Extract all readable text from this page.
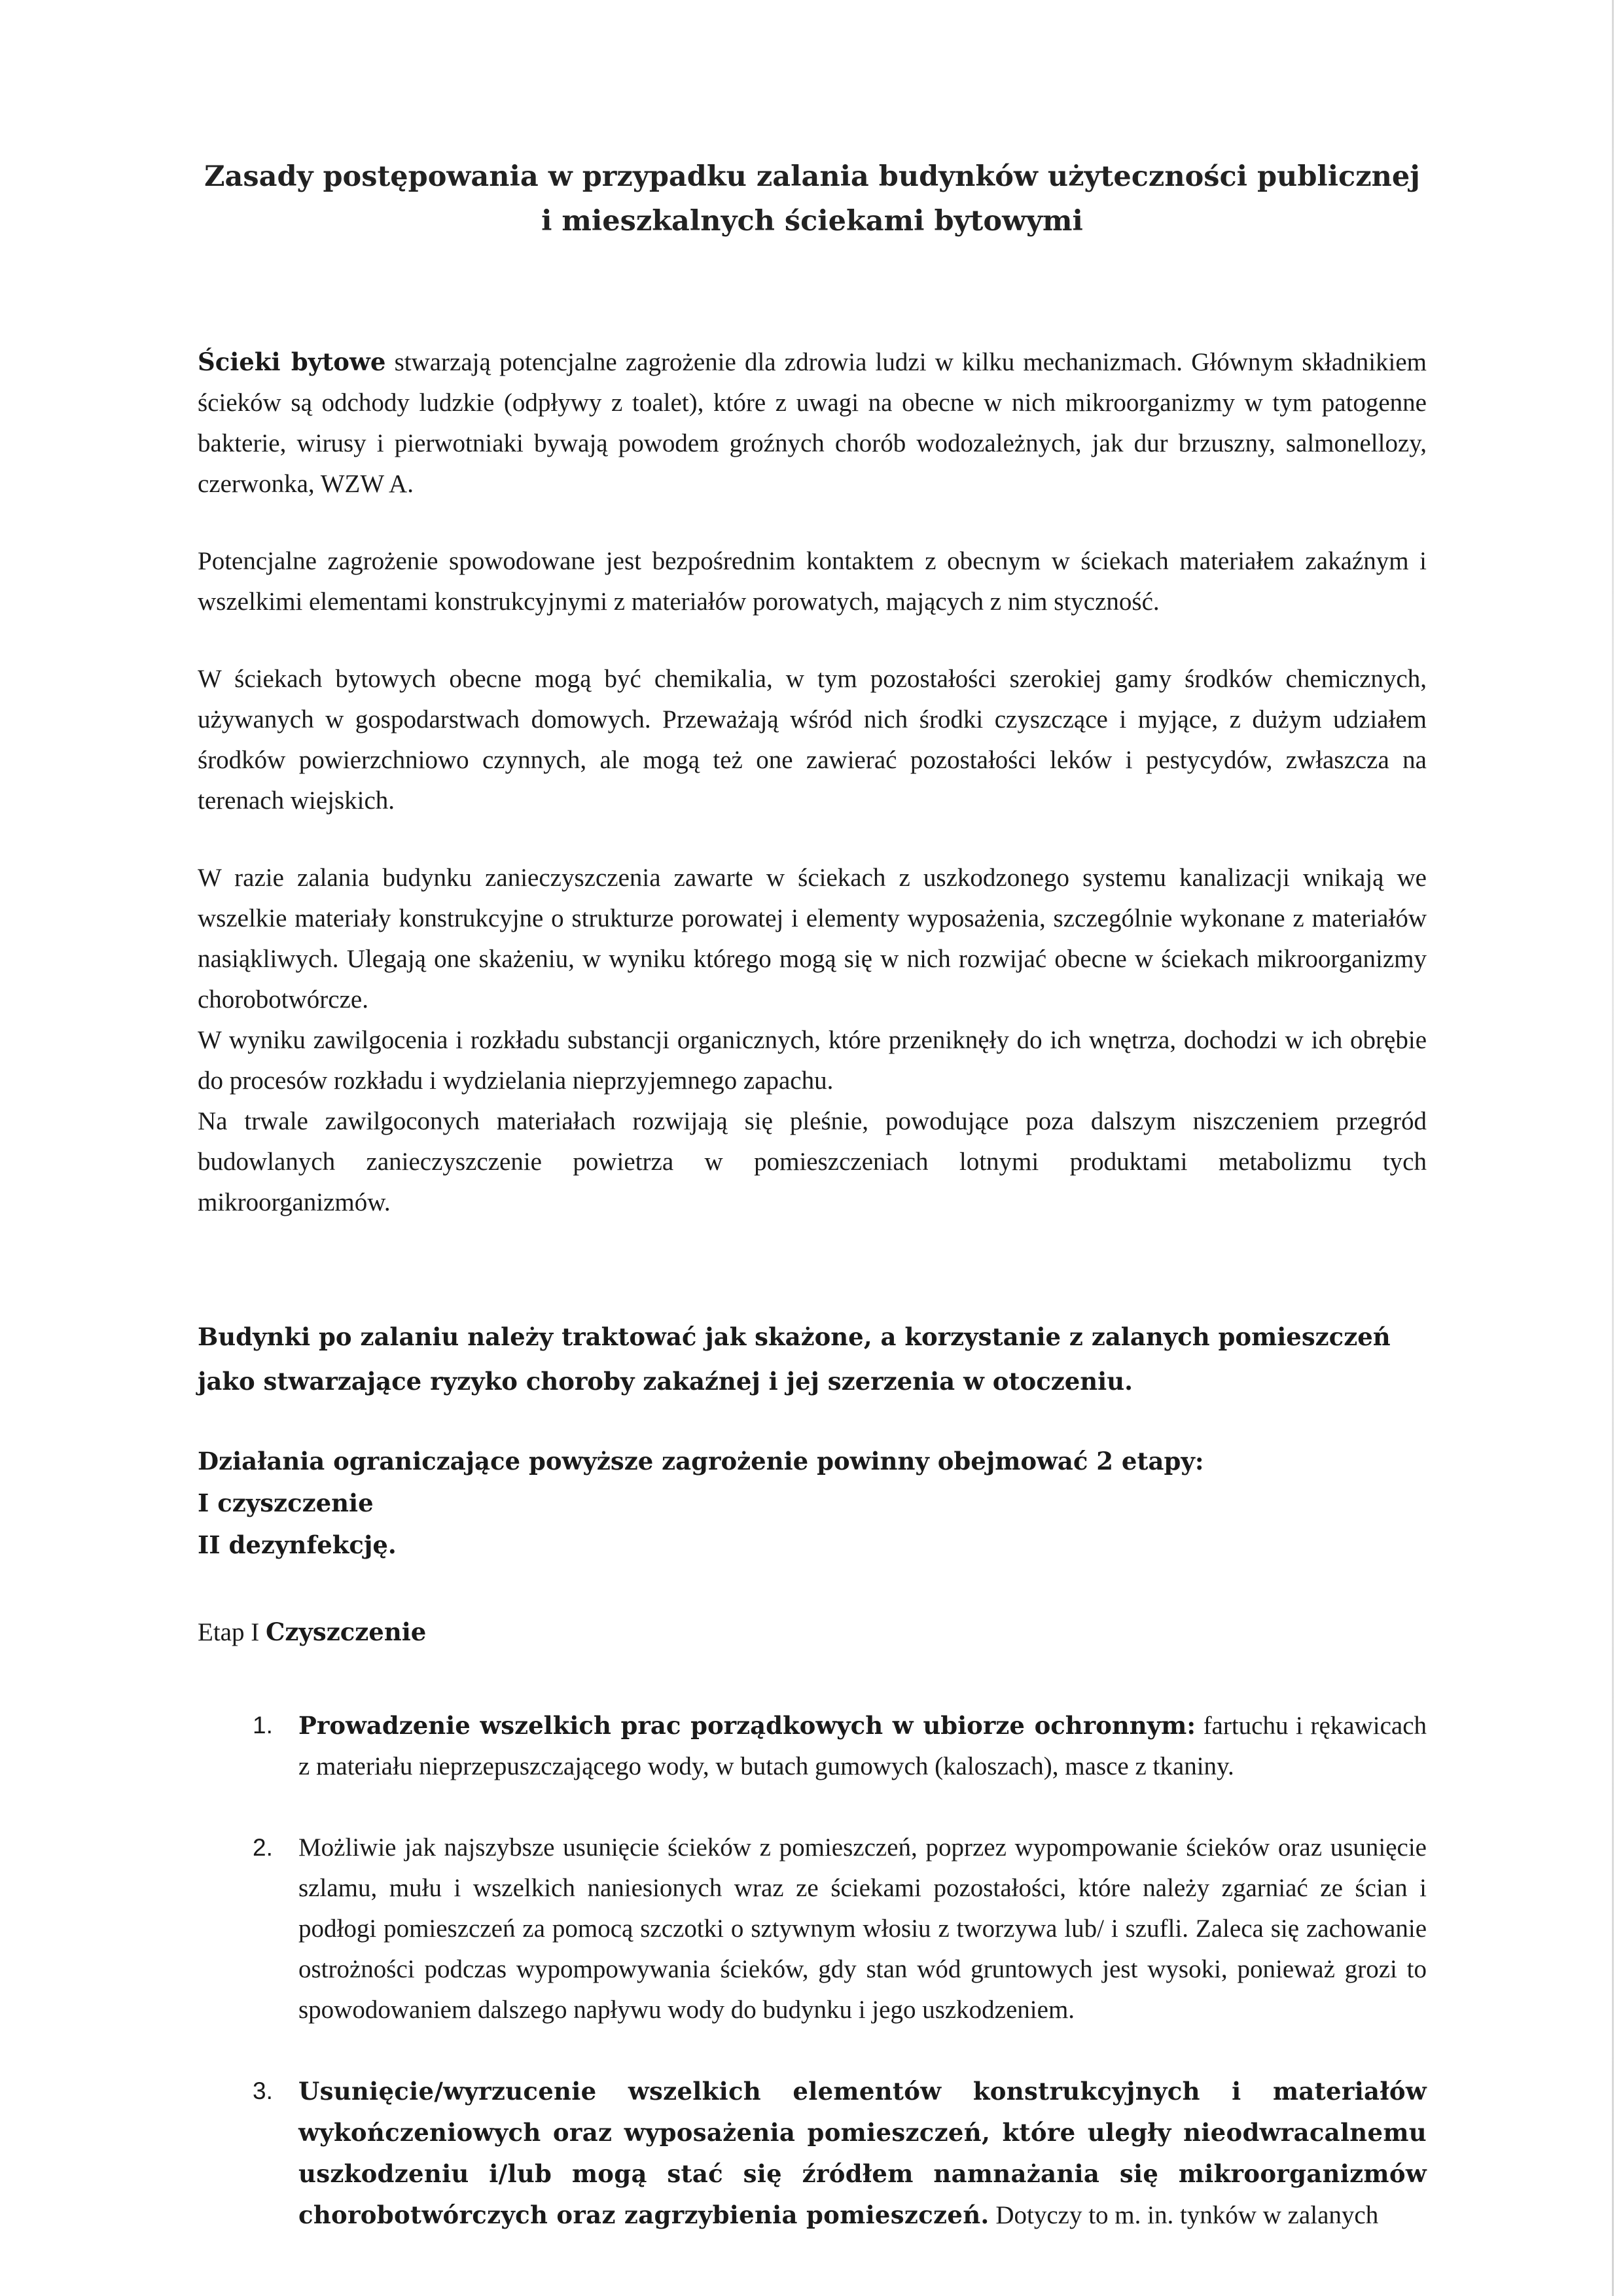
Zasady postępowania w przypadku zalania budynków użyteczności publicznej
i mieszkalnych ściekami bytowymi

Ścieki bytowe stwarzają potencjalne zagrożenie dla zdrowia ludzi w kilku mechanizmach. Głównym składnikiem ścieków są odchody ludzkie (odpływy z toalet), które z uwagi na obecne w nich mikroorganizmy w tym patogenne bakterie, wirusy i pierwotniaki bywają powodem groźnych chorób wodozależnych, jak dur brzuszny, salmonellozy, czerwonka, WZW A.

Potencjalne zagrożenie spowodowane jest bezpośrednim kontaktem z obecnym w ściekach materiałem zakaźnym i wszelkimi elementami konstrukcyjnymi z materiałów porowatych, mających z nim styczność.

W ściekach bytowych obecne mogą być chemikalia, w tym pozostałości szerokiej gamy środków chemicznych, używanych w gospodarstwach domowych. Przeważają wśród nich środki czyszczące i myjące, z dużym udziałem środków powierzchniowo czynnych, ale mogą też one zawierać pozostałości leków i pestycydów, zwłaszcza na terenach wiejskich.

W razie zalania budynku zanieczyszczenia zawarte w ściekach z uszkodzonego systemu kanalizacji wnikają we wszelkie materiały konstrukcyjne o strukturze porowatej i elementy wyposażenia, szczególnie wykonane z materiałów nasiąkliwych. Ulegają one skażeniu, w wyniku którego mogą się w nich rozwijać obecne w ściekach mikroorganizmy chorobotwórcze.

W wyniku zawilgocenia i rozkładu substancji organicznych, które przeniknęły do ich wnętrza, dochodzi w ich obrębie do procesów rozkładu i wydzielania nieprzyjemnego zapachu.

Na trwale zawilgoconych materiałach rozwijają się pleśnie, powodujące poza dalszym niszczeniem przegród budowlanych zanieczyszczenie powietrza w pomieszczeniach lotnymi produktami metabolizmu tych mikroorganizmów.

Budynki po zalaniu należy traktować jak skażone, a korzystanie z zalanych pomieszczeń jako stwarzające ryzyko choroby zakaźnej i jej szerzenia w otoczeniu.

Działania ograniczające powyższe zagrożenie powinny obejmować 2 etapy:

I czyszczenie

II dezynfekcję.

Etap I Czyszczenie

1. Prowadzenie wszelkich prac porządkowych w ubiorze ochronnym: fartuchu i rękawicach z materiału nieprzepuszczającego wody, w butach gumowych (kaloszach), masce z tkaniny.
2. Możliwie jak najszybsze usunięcie ścieków z pomieszczeń, poprzez wypompowanie ścieków oraz usunięcie szlamu, mułu i wszelkich naniesionych wraz ze ściekami pozostałości, które należy zgarniać ze ścian i podłogi pomieszczeń za pomocą szczotki o sztywnym włosiu z tworzywa lub/ i szufli. Zaleca się zachowanie ostrożności podczas wypompowywania ścieków, gdy stan wód gruntowych jest wysoki, ponieważ grozi to spowodowaniem dalszego napływu wody do budynku i jego uszkodzeniem.
3. Usunięcie/wyrzucenie wszelkich elementów konstrukcyjnych i materiałów wykończeniowych oraz wyposażenia pomieszczeń, które uległy nieodwracalnemu uszkodzeniu i/lub mogą stać się źródłem namnażania się mikroorganizmów chorobotwórczych oraz zagrzybienia pomieszczeń. Dotyczy to m. in. tynków w zalanych
